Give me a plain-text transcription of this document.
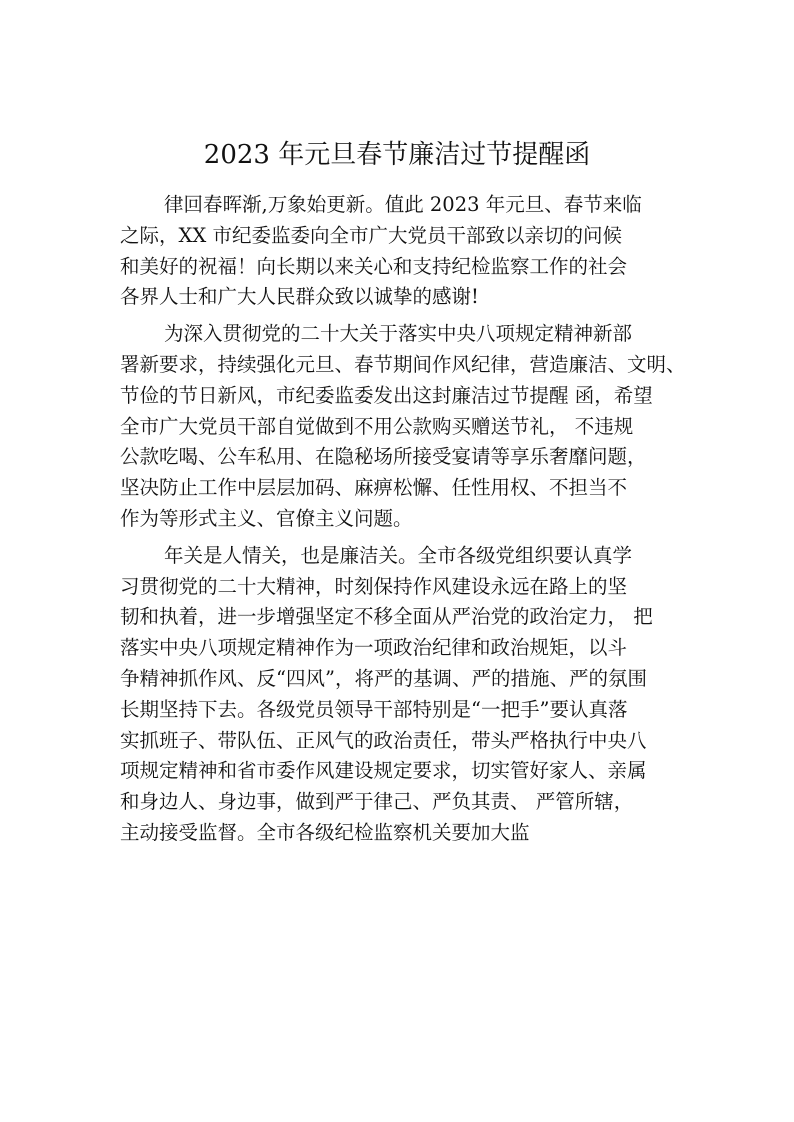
2023 年元旦春节廉洁过节提醒函
律回春晖渐,万象始更新。值此 2023 年元旦、春节来临
之际，XX 市纪委监委向全市广大党员干部致以亲切的问候
和美好的祝福！向长期以来关心和支持纪检监察工作的社会
各界人士和广大人民群众致以诚挚的感谢!
为深入贯彻党的二十大关于落实中央八项规定精神新部
署新要求，持续强化元旦、春节期间作风纪律，营造廉洁、文明、
节俭的节日新风，市纪委监委发出这封廉洁过节提醒 函，希望
全市广大党员干部自觉做到不用公款购买赠送节礼， 不违规
公款吃喝、公车私用、在隐秘场所接受宴请等享乐奢靡问题，
坚决防止工作中层层加码、麻痹松懈、任性用权、不担当不
作为等形式主义、官僚主义问题。
年关是人情关，也是廉洁关。全市各级党组织要认真学
习贯彻党的二十大精神，时刻保持作风建设永远在路上的坚
韧和执着，进一步增强坚定不移全面从严治党的政治定力， 把
落实中央八项规定精神作为一项政治纪律和政治规矩，以斗
争精神抓作风、反“四风”，将严的基调、严的措施、严的氛围
长期坚持下去。各级党员领导干部特别是“一把手”要认真落
实抓班子、带队伍、正风气的政治责任，带头严格执行中央八
项规定精神和省市委作风建设规定要求，切实管好家人、亲属
和身边人、身边事，做到严于律己、严负其责、 严管所辖，
主动接受监督。全市各级纪检监察机关要加大监
